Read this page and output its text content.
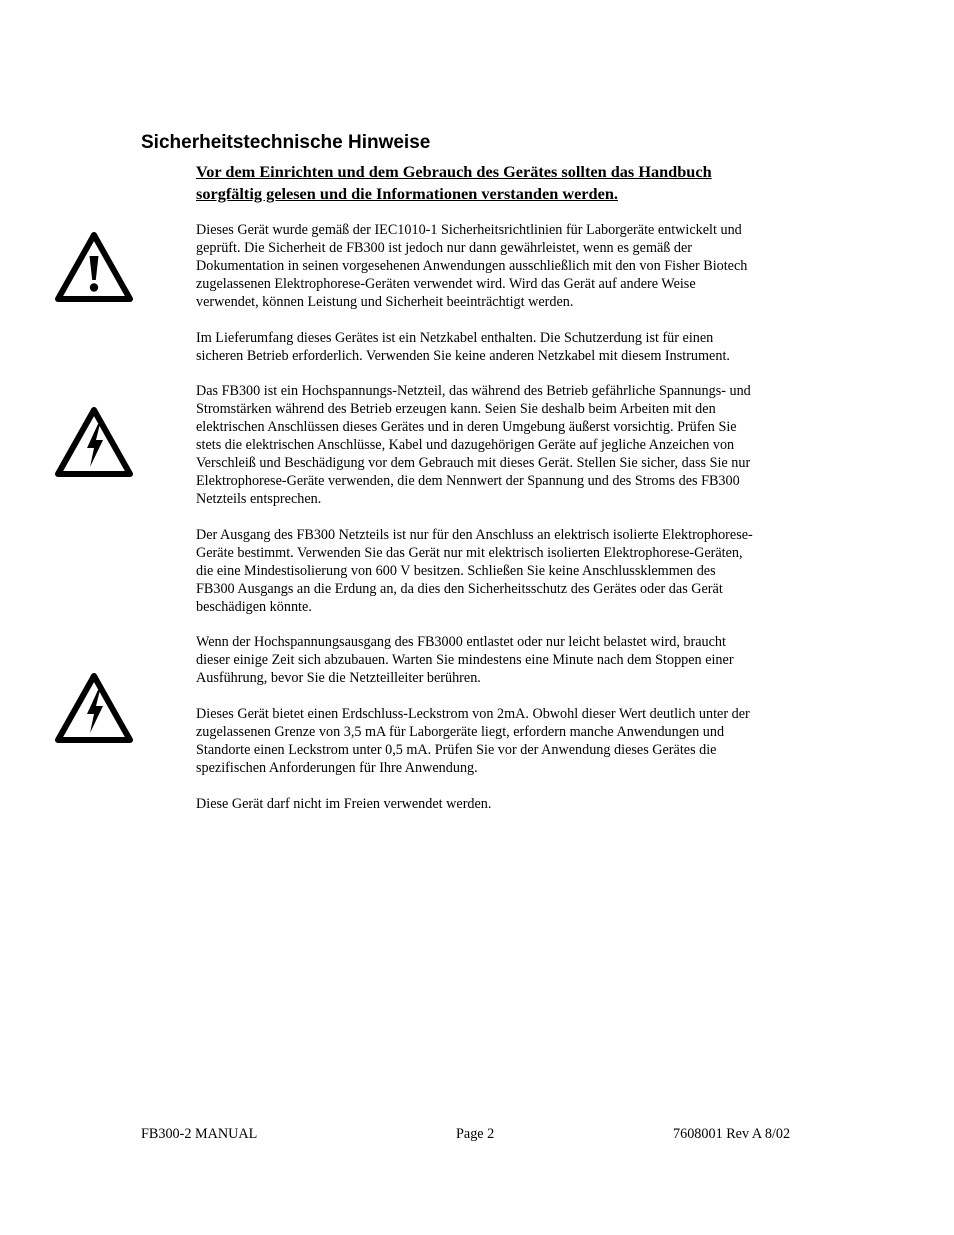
Sicherheitstechnische Hinweise
Vor dem Einrichten und dem Gebrauch des Gerätes sollten das Handbuch
sorgfältig gelesen und die Informationen verstanden werden.
Dieses Gerät wurde gemäß der IEC1010-1 Sicherheitsrichtlinien für Laborgeräte entwickelt und
geprüft. Die Sicherheit de FB300 ist jedoch nur dann gewährleistet, wenn es gemäß der
Dokumentation in seinen vorgesehenen Anwendungen ausschließlich mit den von Fisher Biotech
zugelassenen Elektrophorese-Geräten verwendet wird. Wird das Gerät auf andere Weise
verwendet, können Leistung und Sicherheit beeinträchtigt werden.
Im Lieferumfang dieses Gerätes ist ein Netzkabel enthalten. Die Schutzerdung ist für einen
sicheren Betrieb erforderlich. Verwenden Sie keine anderen Netzkabel mit diesem Instrument.
Das FB300 ist ein Hochspannungs-Netzteil, das während des Betrieb gefährliche Spannungs- und
Stromstärken während des Betrieb erzeugen kann. Seien Sie deshalb beim Arbeiten mit den
elektrischen Anschlüssen dieses Gerätes und in deren Umgebung äußerst vorsichtig. Prüfen Sie
stets die elektrischen Anschlüsse, Kabel und dazugehörigen Geräte auf jegliche Anzeichen von
Verschleiß und Beschädigung vor dem Gebrauch mit dieses Gerät. Stellen Sie sicher, dass Sie nur
Elektrophorese-Geräte verwenden, die dem Nennwert der Spannung und des Stroms des FB300
Netzteils entsprechen.
Der Ausgang des FB300 Netzteils ist nur für den Anschluss an elektrisch isolierte Elektrophorese-
Geräte bestimmt. Verwenden Sie das Gerät nur mit elektrisch isolierten Elektrophorese-Geräten,
die eine Mindestisolierung von 600 V besitzen. Schließen Sie keine Anschlussklemmen des
FB300 Ausgangs an die Erdung an, da dies den Sicherheitsschutz des Gerätes oder das Gerät
beschädigen könnte.
Wenn der Hochspannungsausgang des FB3000 entlastet oder nur leicht belastet wird, braucht
dieser einige Zeit sich abzubauen. Warten Sie mindestens eine Minute nach dem Stoppen einer
Ausführung, bevor Sie die Netzteilleiter berühren.
Dieses Gerät bietet einen Erdschluss-Leckstrom von 2mA. Obwohl dieser Wert deutlich unter der
zugelassenen Grenze von 3,5 mA für Laborgeräte liegt, erfordern manche Anwendungen und
Standorte einen Leckstrom unter 0,5 mA. Prüfen Sie vor der Anwendung dieses Gerätes die
spezifischen Anforderungen für Ihre Anwendung.
Diese Gerät darf nicht im Freien verwendet werden.
FB300-2 MANUAL	Page 2	7608001 Rev A 8/02
